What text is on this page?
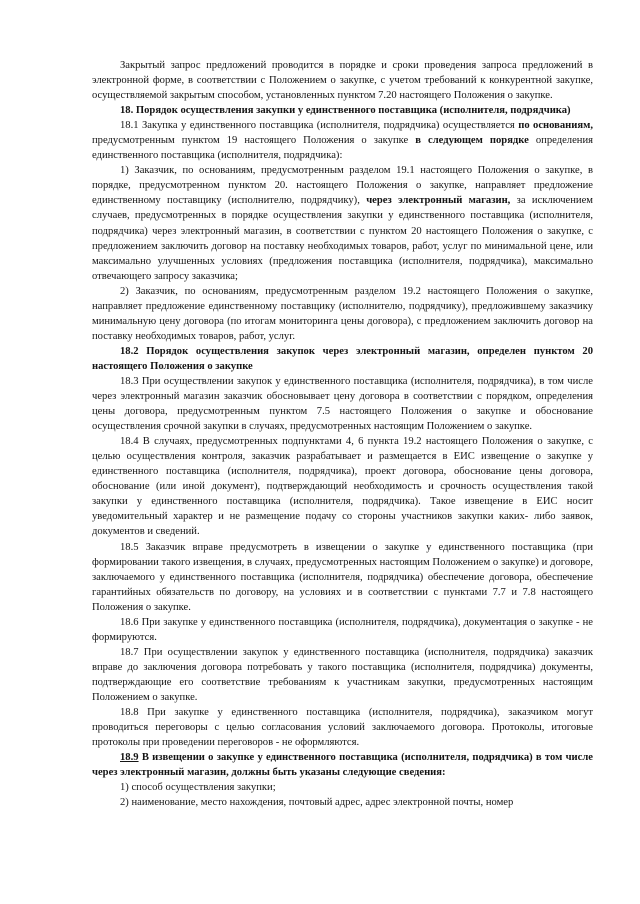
Закрытый запрос предложений проводится в порядке и сроки проведения запроса предложений в электронной форме, в соответствии с Положением о закупке, с учетом требований к конкурентной закупке, осуществляемой закрытым способом, установленных пунктом 7.20 настоящего Положения о закупке.

18. Порядок осуществления закупки у единственного поставщика (исполнителя, подрядчика)

18.1 Закупка у единственного поставщика (исполнителя, подрядчика) осуществляется по основаниям, предусмотренным пунктом 19 настоящего Положения о закупке в следующем порядке определения единственного поставщика (исполнителя, подрядчика):

1) Заказчик, по основаниям, предусмотренным разделом 19.1 настоящего Положения о закупке, в порядке, предусмотренном пунктом 20. настоящего Положения о закупке, направляет предложение единственному поставщику (исполнителю, подрядчику), через электронный магазин, за исключением случаев, предусмотренных в порядке осуществления закупки у единственного поставщика (исполнителя, подрядчика) через электронный магазин, в соответствии с пунктом 20 настоящего Положения о закупке, с предложением заключить договор на поставку необходимых товаров, работ, услуг по минимальной цене, или максимально улучшенных условиях (предложения поставщика (исполнителя, подрядчика), максимально отвечающего запросу заказчика;

2) Заказчик, по основаниям, предусмотренным разделом 19.2 настоящего Положения о закупке, направляет предложение единственному поставщику (исполнителю, подрядчику), предложившему заказчику минимальную цену договора (по итогам мониторинга цены договора), с предложением заключить договор на поставку необходимых товаров, работ, услуг.

18.2 Порядок осуществления закупок через электронный магазин, определен пунктом 20 настоящего Положения о закупке

18.3 При осуществлении закупок у единственного поставщика (исполнителя, подрядчика), в том числе через электронный магазин заказчик обосновывает цену договора в соответствии с порядком, определения цены договора, предусмотренным пунктом 7.5 настоящего Положения о закупке и обоснование осуществления срочной закупки в случаях, предусмотренных настоящим Положением о закупке.

18.4 В случаях, предусмотренных подпунктами 4, 6 пункта 19.2 настоящего Положения о закупке, с целью осуществления контроля, заказчик разрабатывает и размещается в ЕИС извещение о закупке у единственного поставщика (исполнителя, подрядчика), проект договора, обоснование цены договора, обоснование (или иной документ), подтверждающий необходимость и срочность осуществления такой закупки у единственного поставщика (исполнителя, подрядчика). Такое извещение в ЕИС носит уведомительный характер и не размещение подачу со стороны участников закупки каких- либо заявок, документов и сведений.

18.5 Заказчик вправе предусмотреть в извещении о закупке у единственного поставщика (при формировании такого извещения, в случаях, предусмотренных настоящим Положением о закупке) и договоре, заключаемого у единственного поставщика (исполнителя, подрядчика) обеспечение договора, обеспечение гарантийных обязательств по договору, на условиях и в соответствии с пунктами 7.7 и 7.8 настоящего Положения о закупке.

18.6 При закупке у единственного поставщика (исполнителя, подрядчика), документация о закупке - не формируются.

18.7 При осуществлении закупок у единственного поставщика (исполнителя, подрядчика) заказчик вправе до заключения договора потребовать у такого поставщика (исполнителя, подрядчика) документы, подтверждающие его соответствие требованиям к участникам закупки, предусмотренных настоящим Положением о закупке.

18.8 При закупке у единственного поставщика (исполнителя, подрядчика), заказчиком могут проводиться переговоры с целью согласования условий заключаемого договора. Протоколы, итоговые протоколы при проведении переговоров - не оформляются.

18.9 В извещении о закупке у единственного поставщика (исполнителя, подрядчика) в том числе через электронный магазин, должны быть указаны следующие сведения:

1) способ осуществления закупки;

2) наименование, место нахождения, почтовый адрес, адрес электронной почты, номер
